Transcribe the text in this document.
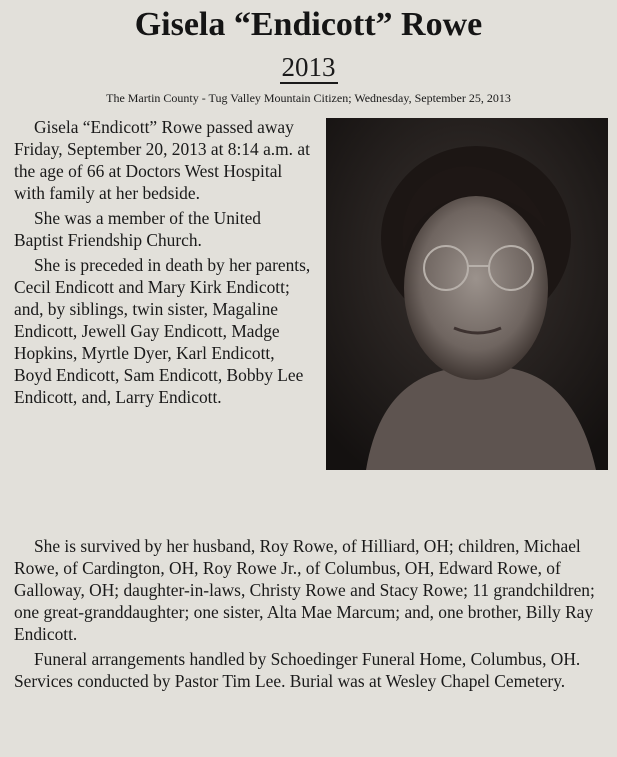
Gisela “Endicott” Rowe
2013
The Martin County - Tug Valley Mountain Citizen; Wednesday, September 25, 2013

Gisela “Endicott” Rowe passed away Friday, September 20, 2013 at 8:14 a.m. at the age of 66 at Doctors West Hospital with family at her bedside.

She was a member of the United Baptist Friendship Church.

She is preceded in death by her parents, Cecil Endicott and Mary Kirk Endicott; and, by siblings, twin sister, Magaline Endicott, Jewell Gay Endicott, Madge Hopkins, Myrtle Dyer, Karl Endicott, Boyd Endicott, Sam Endicott, Bobby Lee Endicott, and, Larry Endicott.

She is survived by her husband, Roy Rowe, of Hilliard, OH; children, Michael Rowe, of Cardington, OH, Roy Rowe Jr., of Columbus, OH, Edward Rowe, of Galloway, OH; daughter-in-laws, Christy Rowe and Stacy Rowe; 11 grandchildren; one great-granddaughter; one sister, Alta Mae Marcum; and, one brother, Billy Ray Endicott.

Funeral arrangements handled by Schoedinger Funeral Home, Columbus, OH. Services conducted by Pastor Tim Lee. Burial was at Wesley Chapel Cemetery.
